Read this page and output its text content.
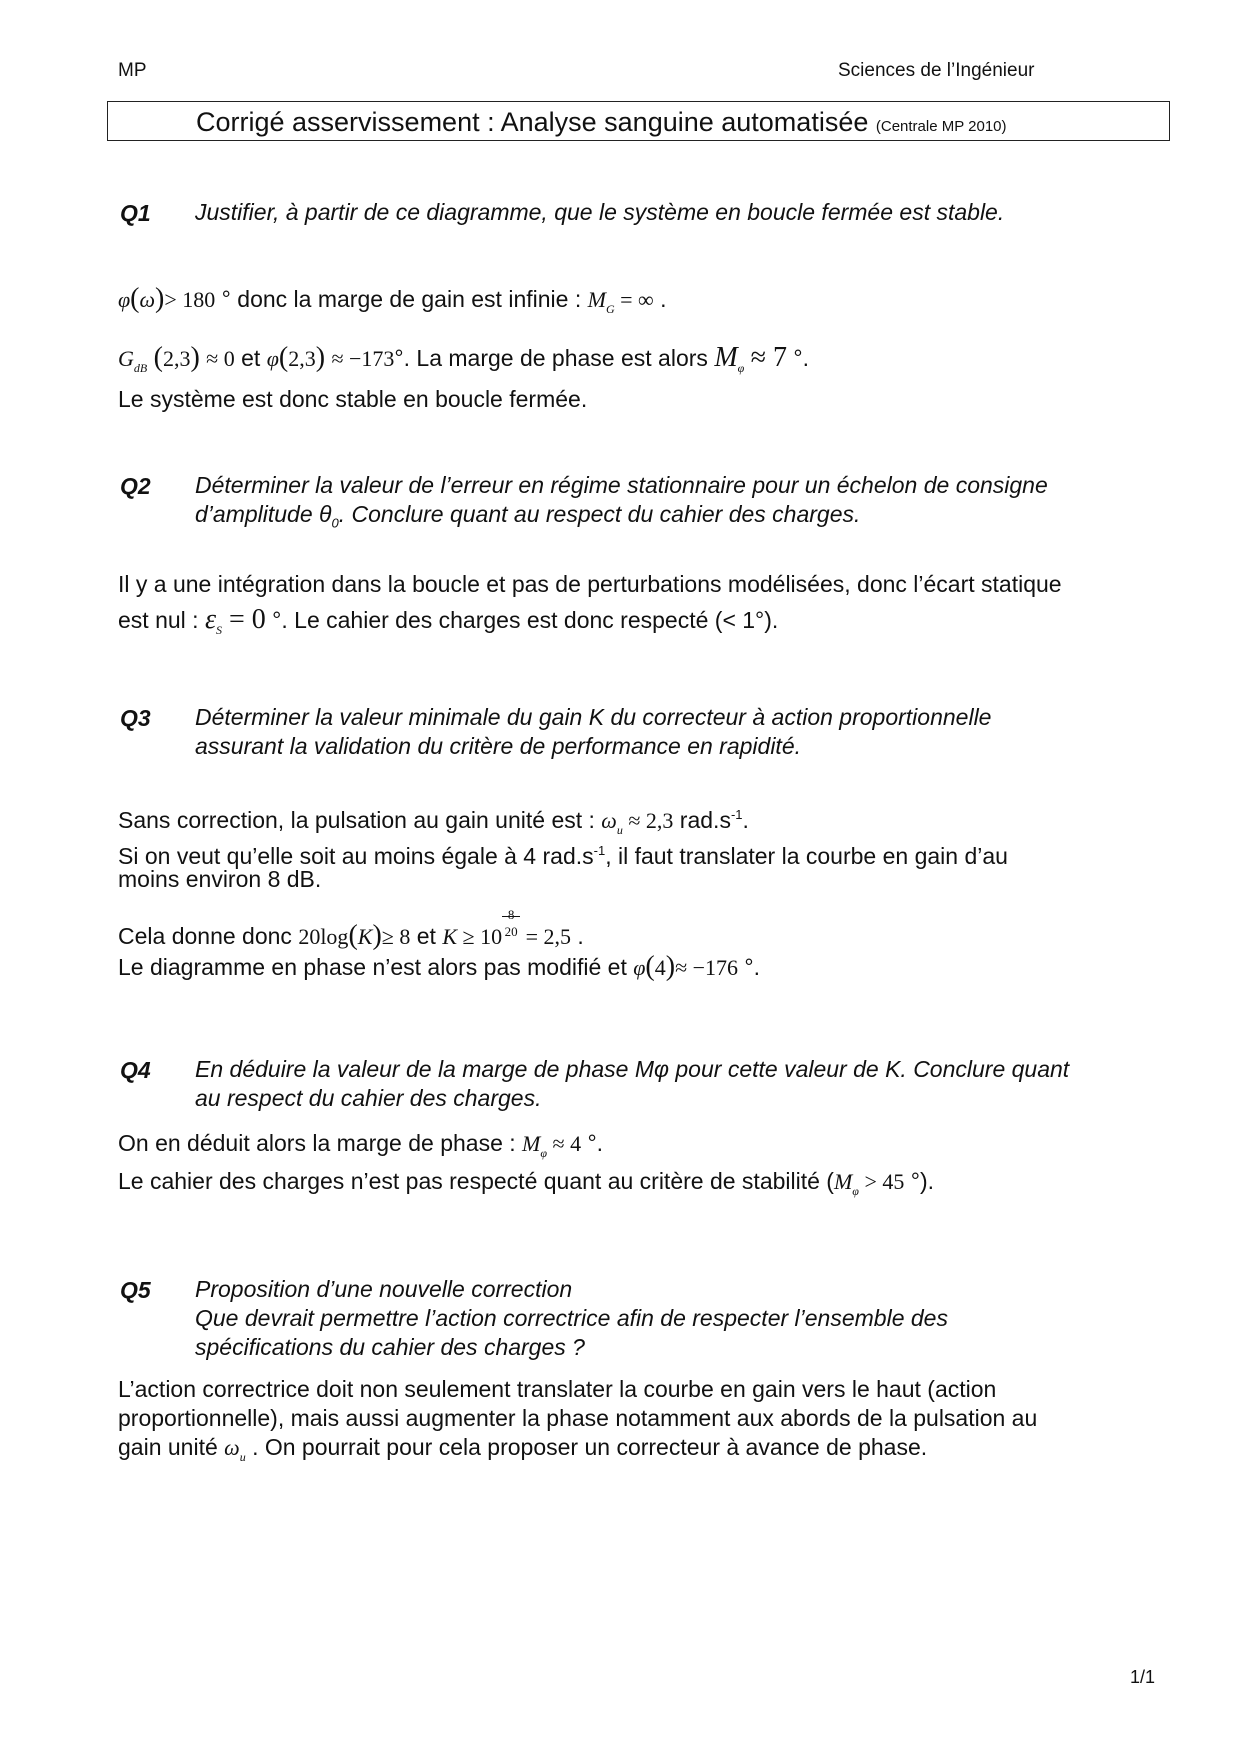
MP	Sciences de l’Ingénieur
Corrigé asservissement : Analyse sanguine automatisée (Centrale MP 2010)
Q1 Justifier, à partir de ce diagramme, que le système en boucle fermée est stable.
φ(ω)> 180 ° donc la marge de gain est infinie : $M_G$ = ∞ .
$G_{dB}$ (2,3) ≈ 0 et φ(2,3) ≈ −173°. La marge de phase est alors $M_\varphi \approx 7$ °.
Le système est donc stable en boucle fermée.
Q2 Déterminer la valeur de l’erreur en régime stationnaire pour un échelon de consigne
d’amplitude $\theta_0$. Conclure quant au respect du cahier des charges.
Il y a une intégration dans la boucle et pas de perturbations modélisées, donc l’écart statique
est nul : $\varepsilon_S = 0$ °. Le cahier des charges est donc respecté (< 1°).
Q3 Déterminer la valeur minimale du gain K du correcteur à action proportionnelle
assurant la validation du critère de performance en rapidité.
Sans correction, la pulsation au gain unité est : $\omega_u \approx 2,3$ $rad.s^{-1}$.
Si on veut qu’elle soit au moins égale à 4 $rad.s^{-1}$, il faut translater la courbe en gain d’au
moins environ 8 dB.
Cela donne donc 20log(K)≥ 8 et K ≥ 10
8
20 = 2,5 .
Le diagramme en phase n’est alors pas modifié et φ(4)≈ −176 °.
Q4 En déduire la valeur de la marge de phase Mφ pour cette valeur de K. Conclure quant
au respect du cahier des charges.
On en déduit alors la marge de phase : $M_\varphi \approx 4$ °.
Le cahier des charges n’est pas respecté quant au critère de stabilité ($M_\varphi > 45$ °).
Q5 Proposition d’une nouvelle correction
Que devrait permettre l’action correctrice afin de respecter l’ensemble des
spécifications du cahier des charges ?
L’action correctrice doit non seulement translater la courbe en gain vers le haut (action
proportionnelle), mais aussi augmenter la phase notamment aux abords de la pulsation au
gain unité $\omega_u$ . On pourrait pour cela proposer un correcteur à avance de phase.
1/1
